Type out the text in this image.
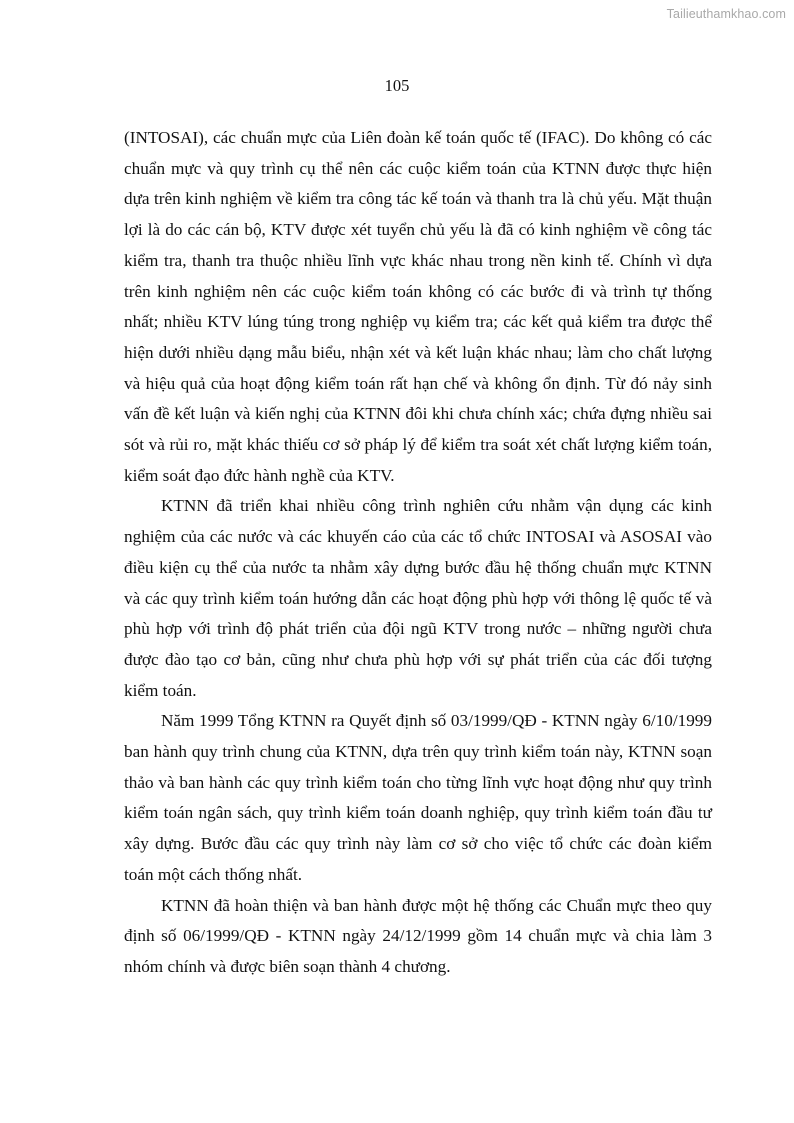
Tailieuthamkhao.com
105

(INTOSAI), các chuẩn mực của Liên đoàn kế toán quốc tế (IFAC). Do không có các chuẩn mực và quy trình cụ thể nên các cuộc kiểm toán của KTNN được thực hiện dựa trên kinh nghiệm về kiểm tra công tác kế toán và thanh tra là chủ yếu. Mặt thuận lợi là do các cán bộ, KTV được xét tuyển chủ yếu là đã có kinh nghiệm về công tác kiểm tra, thanh tra thuộc nhiều lĩnh vực khác nhau trong nền kinh tế. Chính vì dựa trên kinh nghiệm nên các cuộc kiểm toán không có các bước đi và trình tự thống nhất; nhiều KTV lúng túng trong nghiệp vụ kiểm tra; các kết quả kiểm tra được thể hiện dưới nhiều dạng mẫu biểu, nhận xét và kết luận khác nhau; làm cho chất lượng và hiệu quả của hoạt động kiểm toán rất hạn chế và không ổn định. Từ đó nảy sinh vấn đề kết luận và kiến nghị của KTNN đôi khi chưa chính xác; chứa đựng nhiều sai sót và rủi ro, mặt khác thiếu cơ sở pháp lý để kiểm tra soát xét chất lượng kiểm toán, kiểm soát đạo đức hành nghề của KTV.

KTNN đã triển khai nhiều công trình nghiên cứu nhằm vận dụng các kinh nghiệm của các nước và các khuyến cáo của các tổ chức INTOSAI và ASOSAI vào điều kiện cụ thể của nước ta nhằm xây dựng bước đầu hệ thống chuẩn mực KTNN và các quy trình kiểm toán hướng dẫn các hoạt động phù hợp với thông lệ quốc tế và phù hợp với trình độ phát triển của đội ngũ KTV trong nước – những người chưa được đào tạo cơ bản, cũng như chưa phù hợp với sự phát triển của các đối tượng kiểm toán.

Năm 1999 Tổng KTNN ra Quyết định số 03/1999/QĐ - KTNN ngày 6/10/1999 ban hành quy trình chung của KTNN, dựa trên quy trình kiểm toán này, KTNN soạn thảo và ban hành các quy trình kiểm toán cho từng lĩnh vực hoạt động như quy trình kiểm toán ngân sách, quy trình kiểm toán doanh nghiệp, quy trình kiểm toán đầu tư xây dựng. Bước đầu các quy trình này làm cơ sở cho việc tổ chức các đoàn kiểm toán một cách thống nhất.

KTNN đã hoàn thiện và ban hành được một hệ thống các Chuẩn mực theo quy định số 06/1999/QĐ - KTNN ngày 24/12/1999 gồm 14 chuẩn mực và chia làm 3 nhóm chính và được biên soạn thành 4 chương.
